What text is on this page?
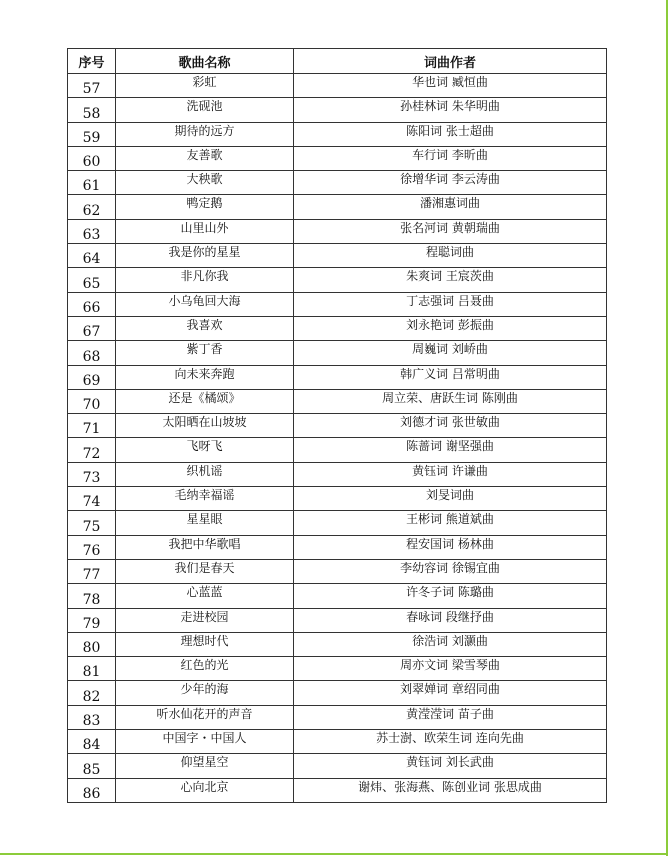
序号	歌曲名称	词曲作者
57	彩虹	华也词 臧恒曲
58	洗砚池	孙桂林词 朱华明曲
59	期待的远方	陈阳词 张士超曲
60	友善歌	车行词 李昕曲
61	大秧歌	徐增华词 李云涛曲
62	鸭定鹅	潘湘惠词曲
63	山里山外	张名河词 黄朝瑞曲
64	我是你的星星	程聪词曲
65	非凡你我	朱爽词 王宸茨曲
66	小乌龟回大海	丁志强词 吕聂曲
67	我喜欢	刘永艳词 彭振曲
68	紫丁香	周巍词 刘峤曲
69	向未来奔跑	韩广义词 吕常明曲
70	还是《橘颂》	周立荣、唐跃生词 陈刚曲
71	太阳晒在山坡坡	刘德才词 张世敏曲
72	飞呀飞	陈蔷词 谢坚强曲
73	织机谣	黄钰词 许谦曲
74	毛纳幸福谣	刘旻词曲
75	星星眼	王彬词 熊道斌曲
76	我把中华歌唱	程安国词 杨林曲
77	我们是春天	李幼容词 徐锡宜曲
78	心蓝蓝	许冬子词 陈璐曲
79	走进校园	春咏词 段继抒曲
80	理想时代	徐浩词 刘灏曲
81	红色的光	周亦文词 梁雪琴曲
82	少年的海	刘翠婵词 章绍同曲
83	听水仙花开的声音	黄滢滢词 苗子曲
84	中国字・中国人	苏士澍、欧荣生词 连向先曲
85	仰望星空	黄钰词 刘长武曲
86	心向北京	谢炜、张海燕、陈创业词 张思成曲
